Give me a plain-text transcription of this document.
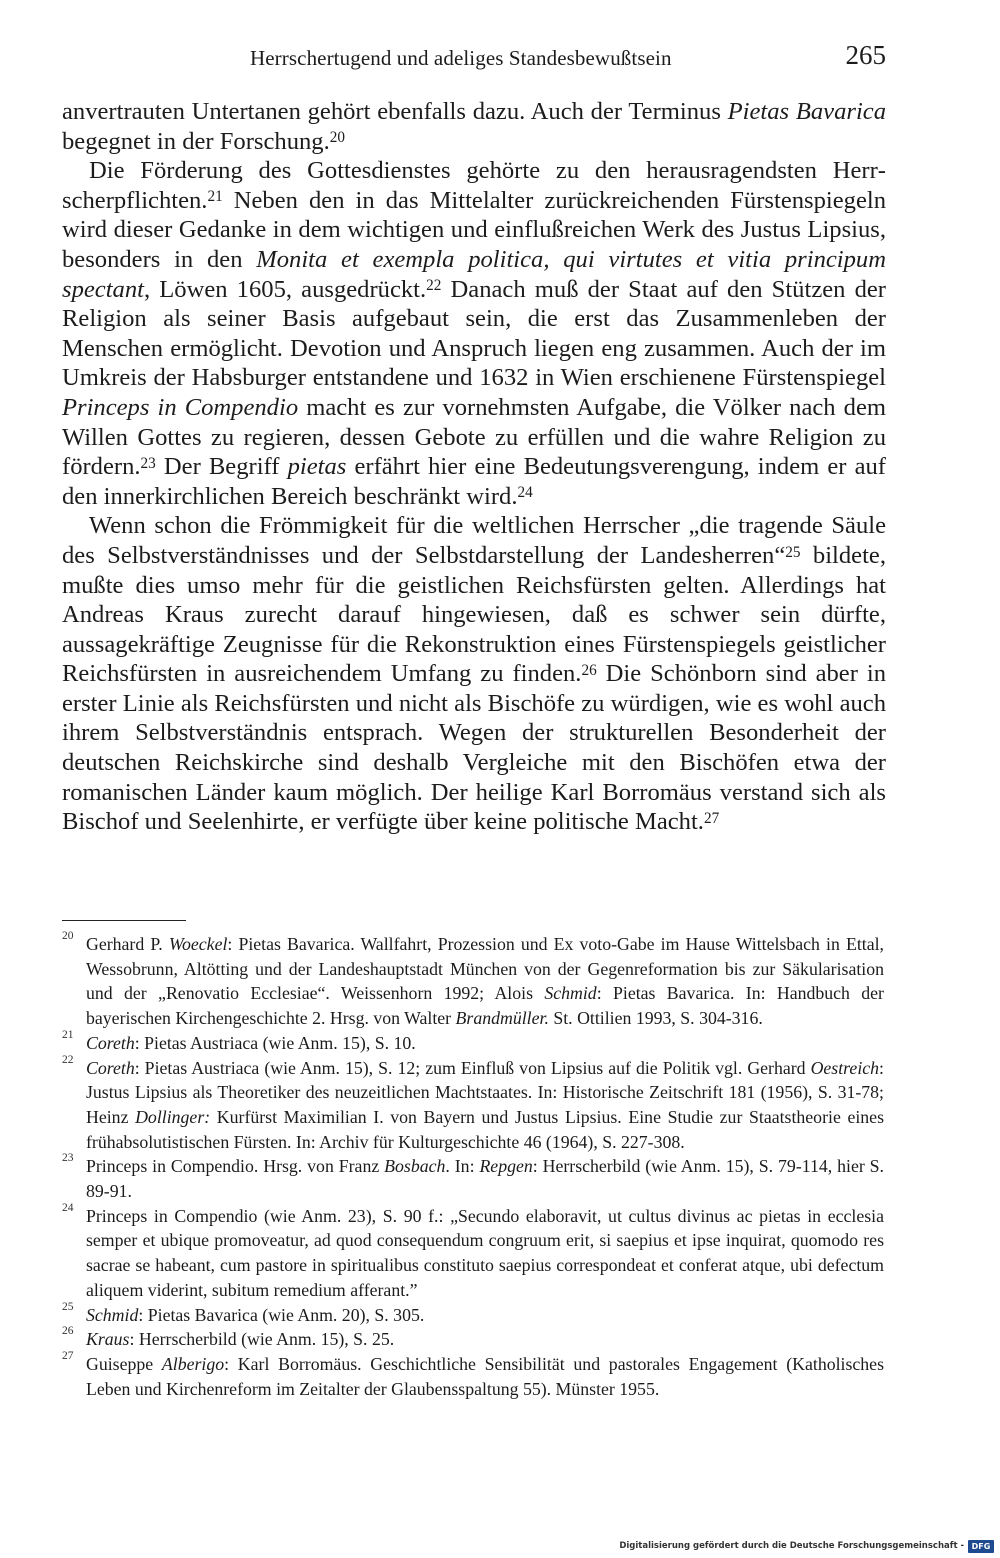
Herrschertugend und adeliges Standesbewußtsein	265

anvertrauten Untertanen gehört ebenfalls dazu. Auch der Terminus Pietas Bavarica begegnet in der Forschung.$^{20}$

Die Förderung des Gottesdienstes gehörte zu den herausragendsten Herrscherpflichten.$^{21}$ Neben den in das Mittelalter zurückreichenden Fürstenspiegeln wird dieser Gedanke in dem wichtigen und einflußreichen Werk des Justus Lipsius, besonders in den Monita et exempla politica, qui virtutes et vitia principum spectant, Löwen 1605, ausgedrückt.$^{22}$ Danach muß der Staat auf den Stützen der Religion als seiner Basis aufgebaut sein, die erst das Zusammenleben der Menschen ermöglicht. Devotion und Anspruch liegen eng zusammen. Auch der im Umkreis der Habsburger entstandene und 1632 in Wien erschienene Fürstenspiegel Princeps in Compendio macht es zur vornehmsten Aufgabe, die Völker nach dem Willen Gottes zu regieren, dessen Gebote zu erfüllen und die wahre Religion zu fördern.$^{23}$ Der Begriff pietas erfährt hier eine Bedeutungsverengung, indem er auf den innerkirchlichen Bereich beschränkt wird.$^{24}$

Wenn schon die Frömmigkeit für die weltlichen Herrscher „die tragende Säule des Selbstverständnisses und der Selbstdarstellung der Landesherren“$^{25}$ bildete, mußte dies umso mehr für die geistlichen Reichsfürsten gelten. Allerdings hat Andreas Kraus zurecht darauf hingewiesen, daß es schwer sein dürfte, aussagekräftige Zeugnisse für die Rekonstruktion eines Fürstenspiegels geistlicher Reichsfürsten in ausreichendem Umfang zu finden.$^{26}$ Die Schönborn sind aber in erster Linie als Reichsfürsten und nicht als Bischöfe zu würdigen, wie es wohl auch ihrem Selbstverständnis entsprach. Wegen der strukturellen Besonderheit der deutschen Reichskirche sind deshalb Vergleiche mit den Bischöfen etwa der romanischen Länder kaum möglich. Der heilige Karl Borromäus verstand sich als Bischof und Seelenhirte, er verfügte über keine politische Macht.$^{27}$

20 Gerhard P. Woeckel: Pietas Bavarica. Wallfahrt, Prozession und Ex voto-Gabe im Hause Wittelsbach in Ettal, Wessobrunn, Altötting und der Landeshauptstadt München von der Gegenreformation bis zur Säkularisation und der „Renovatio Ecclesiae“. Weissenhorn 1992; Alois Schmid: Pietas Bavarica. In: Handbuch der bayerischen Kirchengeschichte 2. Hrsg. von Walter Brandmüller. St. Ottilien 1993, S. 304-316.

21 Coreth: Pietas Austriaca (wie Anm. 15), S. 10.

22 Coreth: Pietas Austriaca (wie Anm. 15), S. 12; zum Einfluß von Lipsius auf die Politik vgl. Gerhard Oestreich: Justus Lipsius als Theoretiker des neuzeitlichen Machtstaates. In: Historische Zeitschrift 181 (1956), S. 31-78; Heinz Dollinger: Kurfürst Maximilian I. von Bayern und Justus Lipsius. Eine Studie zur Staatstheorie eines frühabsolutistischen Fürsten. In: Archiv für Kulturgeschichte 46 (1964), S. 227-308.

23 Princeps in Compendio. Hrsg. von Franz Bosbach. In: Repgen: Herrscherbild (wie Anm. 15), S. 79-114, hier S. 89-91.

24 Princeps in Compendio (wie Anm. 23), S. 90 f.: „Secundo elaboravit, ut cultus divinus ac pietas in ecclesia semper et ubique promoveatur, ad quod consequendum congruum erit, si saepius et ipse inquirat, quomodo res sacrae se habeant, cum pastore in spiritualibus constituto saepius correspondeat et conferat atque, ubi defectum aliquem viderint, subitum remedium afferant.”

25 Schmid: Pietas Bavarica (wie Anm. 20), S. 305.

26 Kraus: Herrscherbild (wie Anm. 15), S. 25.

27 Guiseppe Alberigo: Karl Borromäus. Geschichtliche Sensibilität und pastorales Engagement (Katholisches Leben und Kirchenreform im Zeitalter der Glaubensspaltung 55). Münster 1955.

Digitalisierung gefördert durch die Deutsche Forschungsgemeinschaft - DFG
